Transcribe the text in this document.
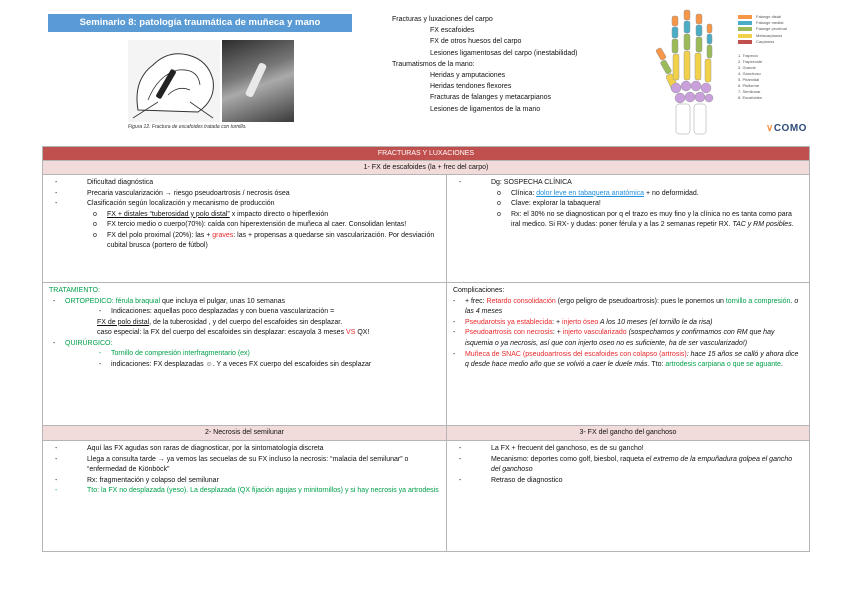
Seminario 8: patología traumática de muñeca y mano
Figura 12. Fractura de escafoides tratada con tornillo.
Fracturas y luxaciones del carpo
FX escafoides
FX de otros huesos del carpo
Lesiones ligamentosas del carpo (inestabilidad)
Traumatismos de la mano:
Heridas y amputaciones
Heridas tendones flexores
Fracturas de falanges y metacarpianos
Lesiones de ligamentos de la mano
Falange distal
Falange medial
Falange proximal
Metacarpianos
Carpianos
1. Trapecio
2. Trapezoide
3. Grande
4. Ganchoso
5. Piramidal
6. Pisiforme
7. Semilunar
8. Escafoides
∨COMO
FRACTURAS Y LUXACIONES
1- FX de escafoides (la + frec del carpo)
- Dificultad diagnóstica
- Precaria vascularización → riesgo pseudoartrosis / necrosis ósea
- Clasificación según localización y mecanismo de producción
o FX + distales “tuberosidad y polo distal” x impacto directo o hiperflexión
o FX tercio medio o cuerpo(70%): caída con hiperextensión de muñeca al caer. Consolidan lentas!
o FX del polo proximal (20%): las + graves: las + propensas a quedarse sin vascularización. Por desviación cubital brusca (portero de fútbol)
- Dg: SOSPECHA CLÍNICA
o Clínica: dolor leve en tabaquera anatómica + no deformidad.
o Clave: explorar la tabaquera!
o Rx: el 30% no se diagnostican por q el trazo es muy fino y la clínica no es tanta como para iral medico. Si RX- y dudas: poner férula y a las 2 semanas repetir RX. TAC y RM posibles.
TRATAMIENTO:
- ORTOPEDICO: férula braquial que incluya el pulgar, unas 10 semanas
- Indicaciones: aquellas poco desplazadas y con buena vascularización =
FX de polo distal, de la tuberosidad , y del cuerpo del escafoides sin desplazar.
caso especial: la FX del cuerpo del escafoides sin desplazar: escayola 3 meses VS QX!
- QUIRÚRGICO:
- Tornillo de compresión interfragmentario (ex)
- indicaciones: FX desplazadas ☺. Y a veces FX cuerpo del escafoides sin desplazar
Complicaciones:
- + frec: Retardo consolidación (ergo peligro de pseudoartrosis): pues le ponemos un tornillo a compresión. o las 4 meses
- Pseudarotsis ya establecida: + injerto óseo A los 10 meses (el tornillo le da risa)
- Pseudoartrosis con necrosis: + injerto vascularizado (sospechamos y confirmamos con RM que hay isquemia o ya necrosis, así que con injerto oseo no es suficiente, ha de ser vascularizado!)
- Muñeca de SNAC (pseudoartrosis del escafoides con colapso (artrosis): hace 15 años se calló y ahora dice q desde hace medio año que se volvió a caer le duele más. Tto: artrodesis carpiana o que se aguante.
2- Necrosis del semilunar	3- FX del gancho del ganchoso
- Aquí las FX agudas son raras de diagnosticar, por la sintomatología discreta
- Llega a consulta tarde → ya vemos las secuelas de su FX incluso la necrosis: “malacia del semilunar” o “enfermedad de Kiönböck”
- Rx: fragmentación y colapso del semilunar
- Tto: la FX no desplazada (yeso). La desplazada (QX fijación agujas y minitornillos) y si hay necrosis ya artrodesis
- La FX + frecuent del ganchoso, es de su gancho!
- Mecanismo: deportes como golf, biesbol, raqueta el extremo de la empuñadura golpea el gancho del ganchoso
- Retraso de diagnostico
